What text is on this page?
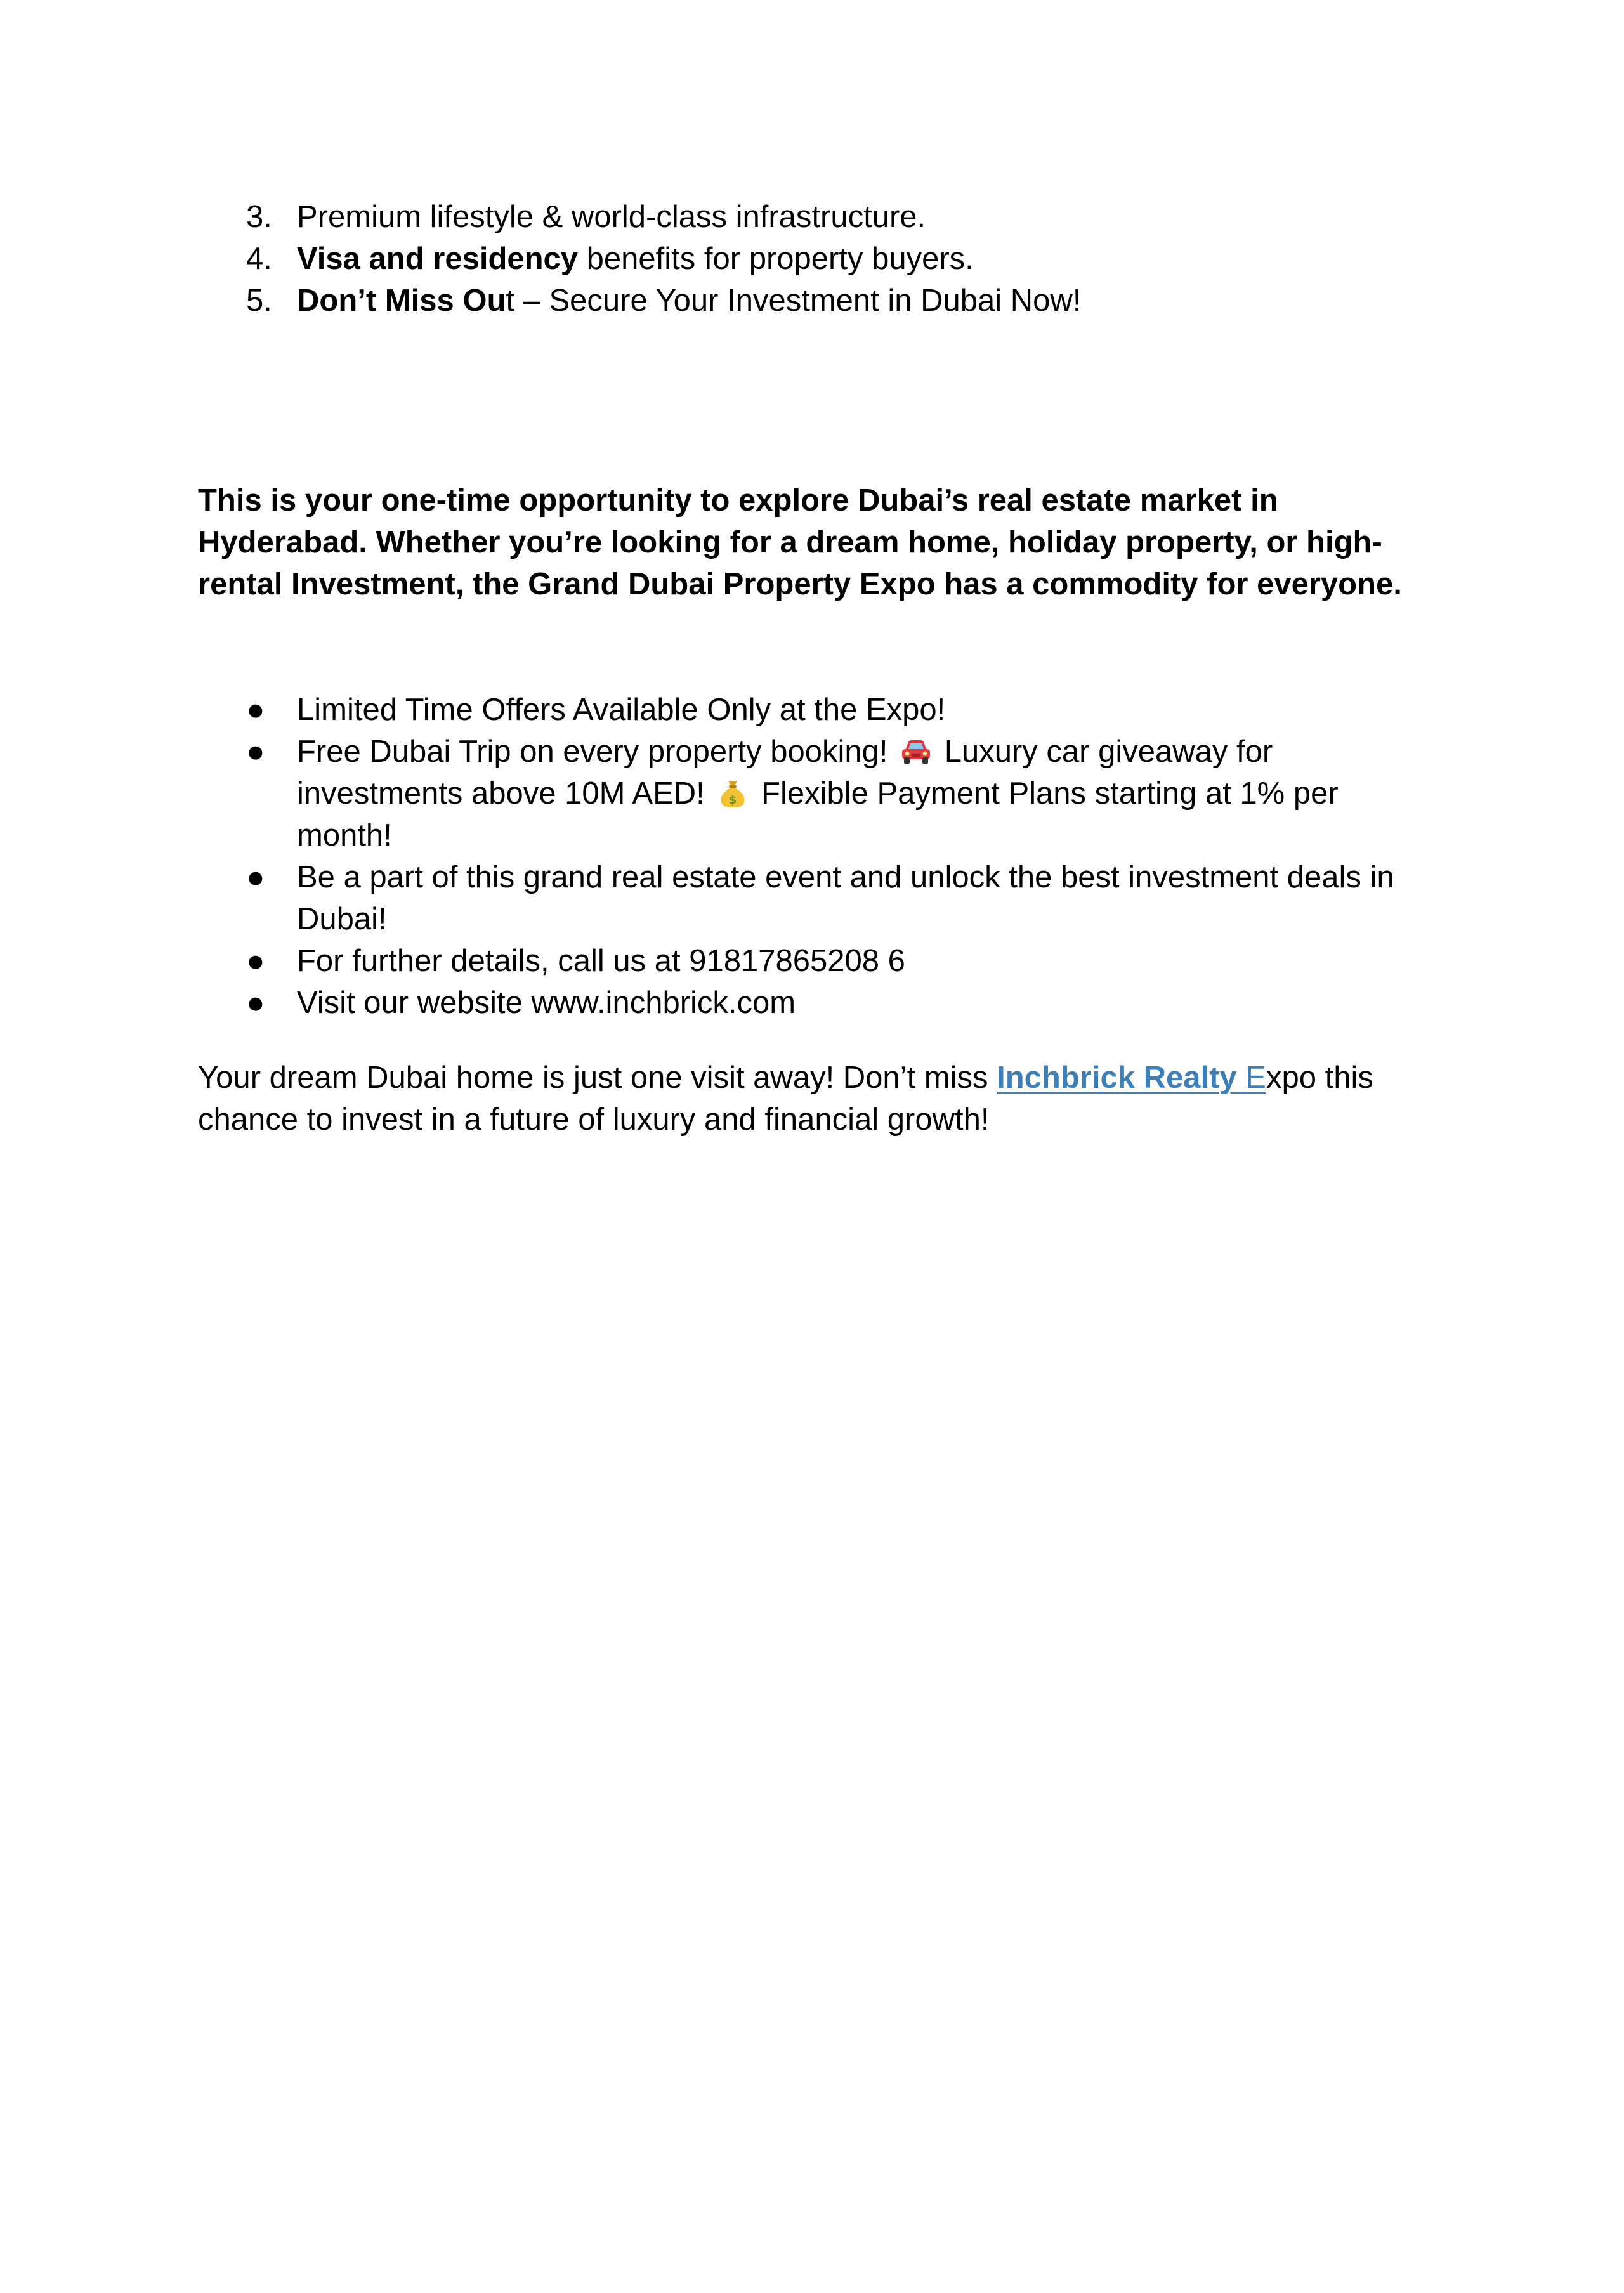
3. Premium lifestyle & world-class infrastructure.
4. Visa and residency benefits for property buyers.
5. Don’t Miss Out – Secure Your Investment in Dubai Now!

This is your one-time opportunity to explore Dubai’s real estate market in Hyderabad. Whether you’re looking for a dream home, holiday property, or high-rental Investment, the Grand Dubai Property Expo has a commodity for everyone.

● Limited Time Offers Available Only at the Expo!
● Free Dubai Trip on every property booking! Luxury car giveaway for investments above 10M AED! $ Flexible Payment Plans starting at 1% per month!
● Be a part of this grand real estate event and unlock the best investment deals in Dubai!
● For further details, call us at 91817865208 6
● Visit our website www.inchbrick.com

Your dream Dubai home is just one visit away! Don’t miss Inchbrick Realty Expo this chance to invest in a future of luxury and financial growth!
